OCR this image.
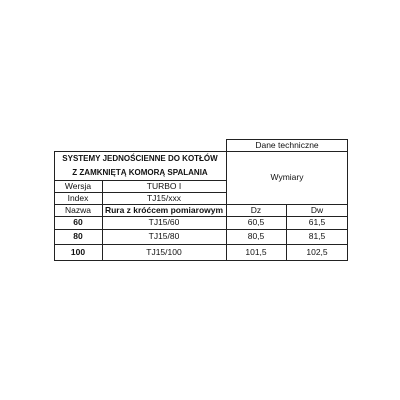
Dane techniczne
SYSTEMY JEDNOŚCIENNE DO KOTŁÓW
Z ZAMKNIĘTĄ KOMORĄ SPALANIA
Wymiary
Wersja	TURBO I
Index	TJ15/xxx
Nazwa	Rura z króćcem pomiarowym	Dz	Dw
60	TJ15/60	60,5	61,5
80	TJ15/80	80,5	81,5
100	TJ15/100	101,5	102,5
